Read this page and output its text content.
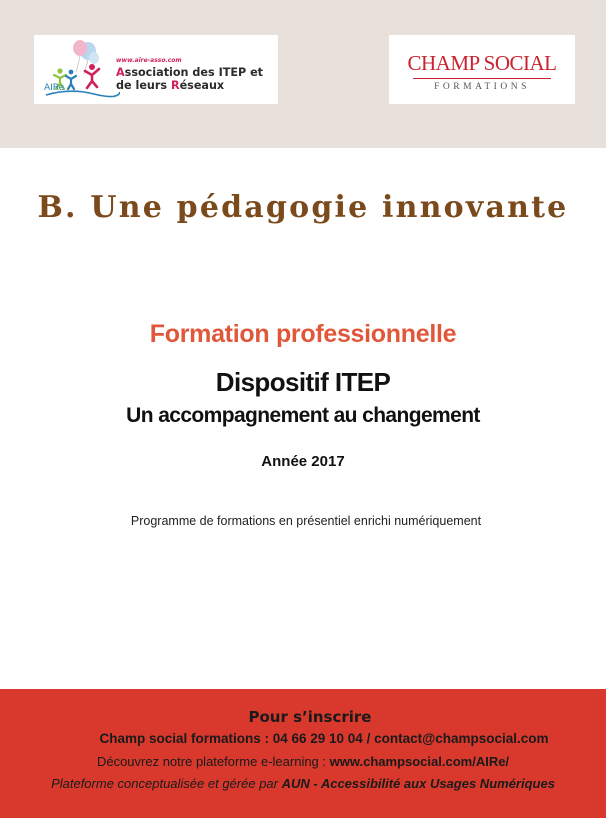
www.aire-asso.com
Association des ITEP et
de leurs Réseaux
AIRe
CHAMP SOCIAL
FORMATIONS
B. Une pédagogie innovante
Formation professionnelle
Dispositif ITEP
Un accompagnement au changement
Année 2017
Programme de formations en présentiel enrichi numériquement
Pour s’inscrire
Champ social formations : 04 66 29 10 04 / contact@champsocial.com
Découvrez notre plateforme e-learning : www.champsocial.com/AIRe/
Plateforme conceptualisée et gérée par AUN - Accessibilité aux Usages Numériques
